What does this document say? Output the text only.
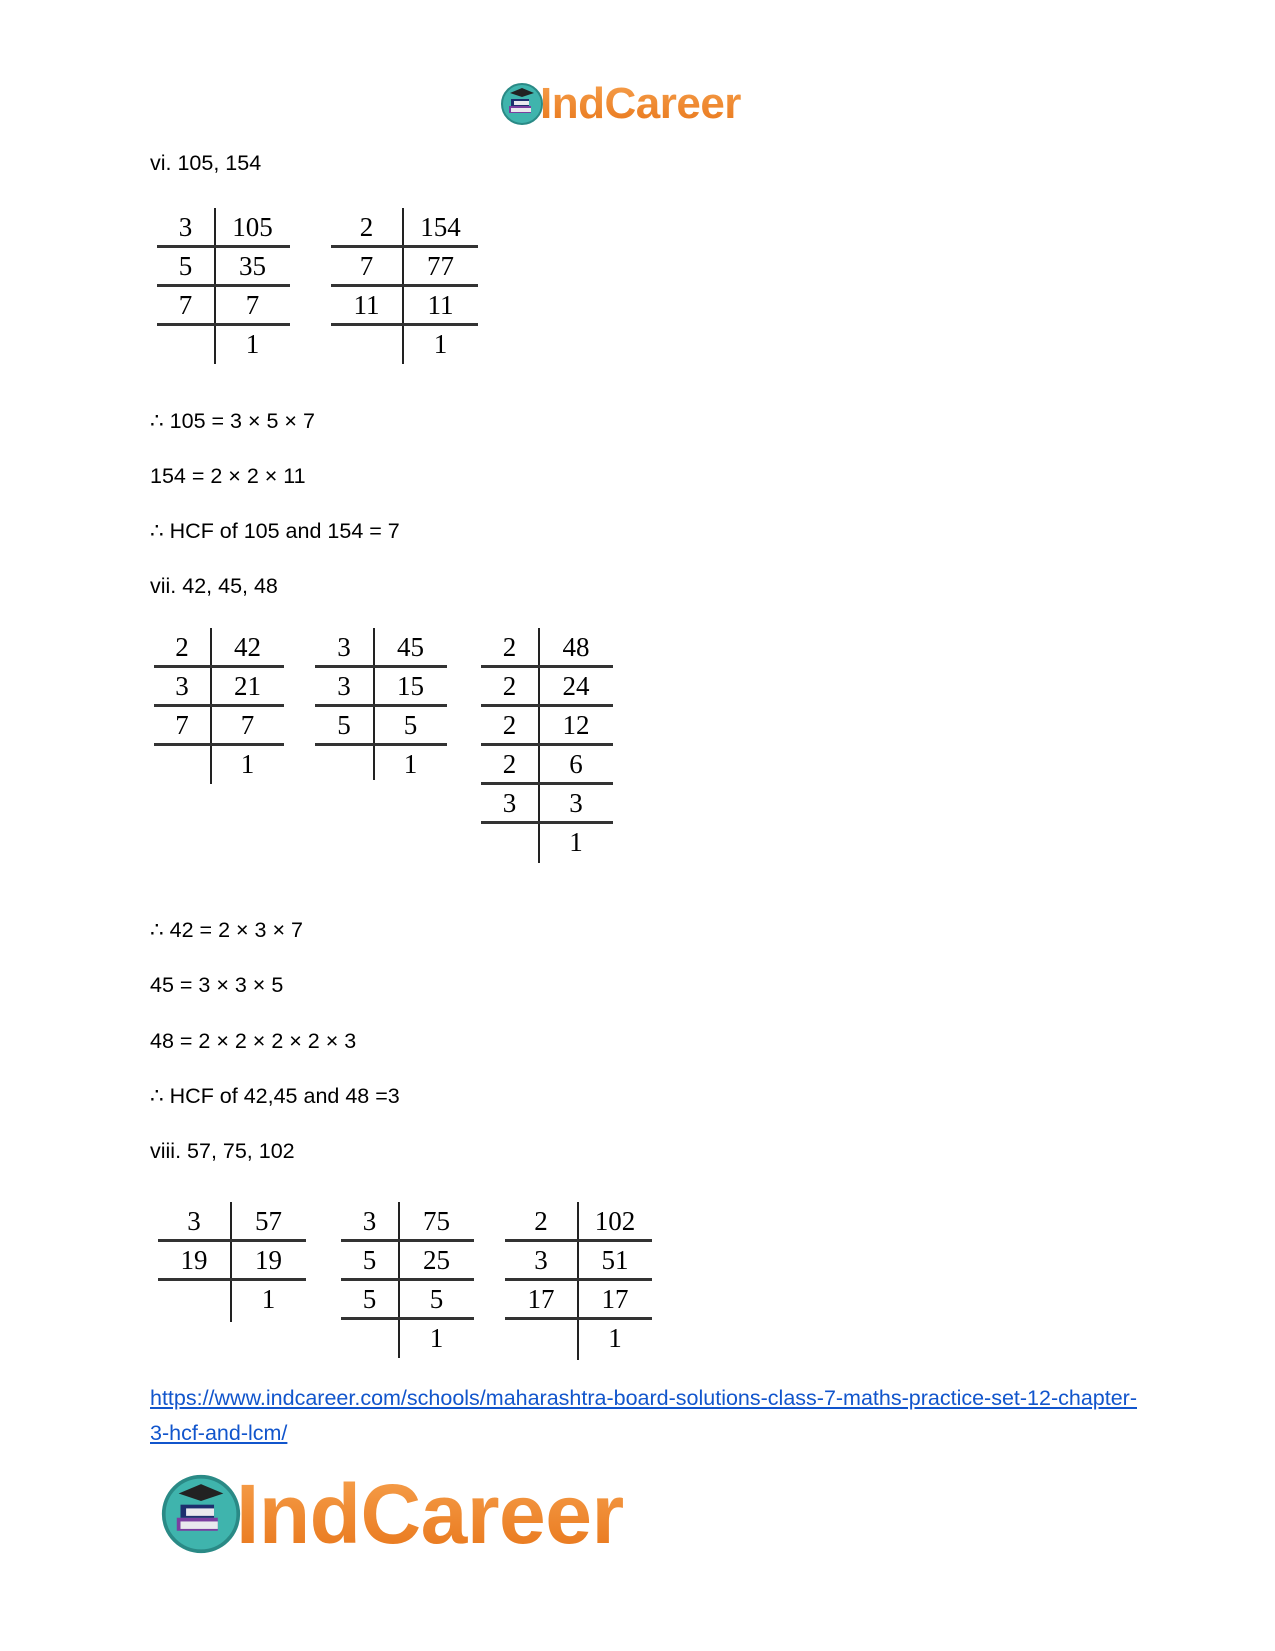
IndCareer
vi. 105, 154
3	105
5	35
7	7
1
2	154
7	77
11	11
1
∴ 105 = 3 × 5 × 7
154 = 2 × 2 × 11
∴ HCF of 105 and 154 = 7
vii. 42, 45, 48
2	42
3	21
7	7
1
3	45
3	15
5	5
1
2	48
2	24
2	12
2	6
3	3
1
∴ 42 = 2 × 3 × 7
45 = 3 × 3 × 5
48 = 2 × 2 × 2 × 2 × 3
∴ HCF of 42,45 and 48 =3
viii. 57, 75, 102
3	57
19	19
1
3	75
5	25
5	5
1
2	102
3	51
17	17
1
https://www.indcareer.com/schools/maharashtra-board-solutions-class-7-maths-practice-set-12-chapter-3-hcf-and-lcm/
IndCareer
